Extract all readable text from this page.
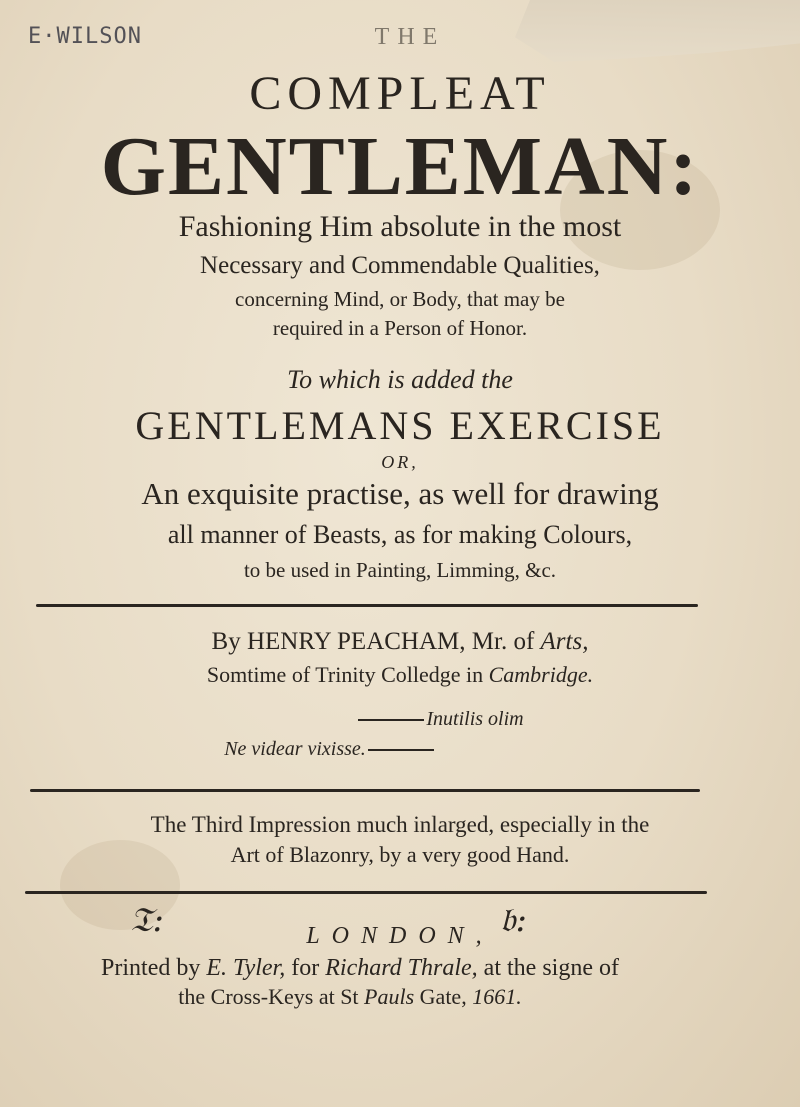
E·WILSON	THE
COMPLEAT
GENTLEMAN:
Fashioning Him absolute in the most
Necessary and Commendable Qualities,
concerning Mind, or Body, that may be
required in a Person of Honor.
To which is added the
GENTLEMANS EXERCISE
OR,
An exquisite practise, as well for drawing
all manner of Beasts, as for making Colours,
to be used in Painting, Limming, &c.
By HENRY PEACHAM, Mr. of Arts,
Somtime of Trinity Colledge in Cambridge.
Inutilis olim
Ne videar vixisse.
The Third Impression much inlarged, especially in the
Art of Blazonry, by a very good Hand.
𝔗:	𝔟:
LONDON,
Printed by E. Tyler, for Richard Thrale, at the signe of
the Cross-Keys at St Pauls Gate, 1661.
